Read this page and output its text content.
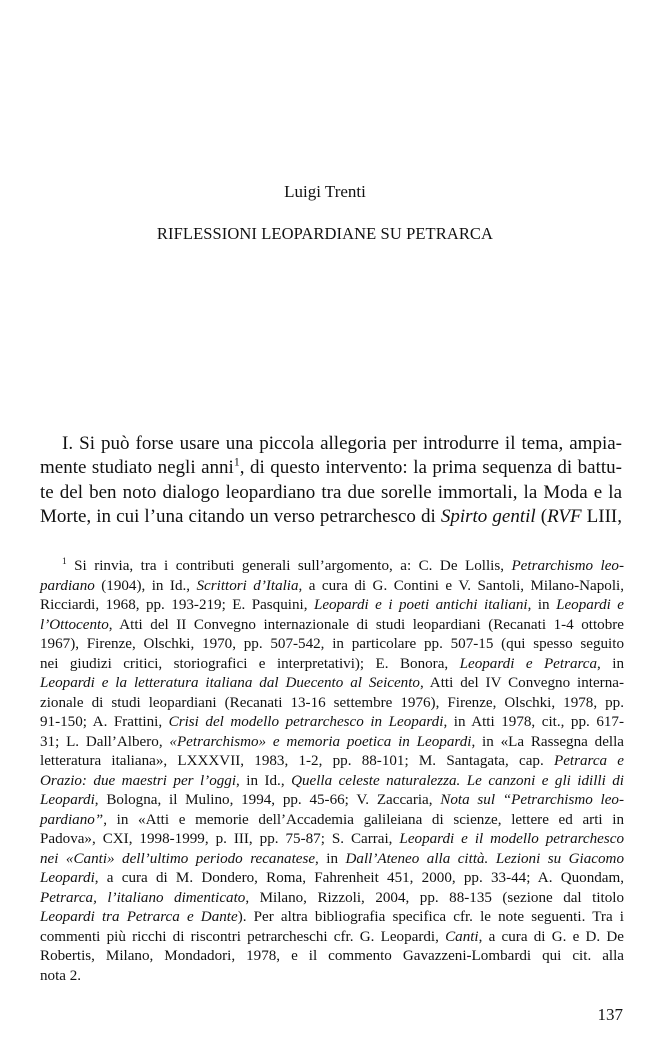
Luigi Trenti
RIFLESSIONI LEOPARDIANE SU PETRARCA
I. Si può forse usare una piccola allegoria per introdurre il tema, ampia-
mente studiato negli anni$^1$, di questo intervento: la prima sequenza di battu-
te del ben noto dialogo leopardiano tra due sorelle immortali, la Moda e la
Morte, in cui l’una citando un verso petrarchesco di Spirto gentil (RVF LIII,
$^1$ Si rinvia, tra i contributi generali sull’argomento, a: C. De Lollis, Petrarchismo leo-
pardiano (1904), in Id., Scrittori d’Italia, a cura di G. Contini e V. Santoli, Milano-Napoli,
Ricciardi, 1968, pp. 193-219; E. Pasquini, Leopardi e i poeti antichi italiani, in Leopardi e
l’Ottocento, Atti del II Convegno internazionale di studi leopardiani (Recanati 1-4 ottobre
1967), Firenze, Olschki, 1970, pp. 507-542, in particolare pp. 507-15 (qui spesso seguito
nei giudizi critici, storiografici e interpretativi); E. Bonora, Leopardi e Petrarca, in
Leopardi e la letteratura italiana dal Duecento al Seicento, Atti del IV Convegno interna-
zionale di studi leopardiani (Recanati 13-16 settembre 1976), Firenze, Olschki, 1978, pp.
91-150; A. Frattini, Crisi del modello petrarchesco in Leopardi, in Atti 1978, cit., pp. 617-
31; L. Dall’Albero, «Petrarchismo» e memoria poetica in Leopardi, in «La Rassegna della
letteratura italiana», LXXXVII, 1983, 1-2, pp. 88-101; M. Santagata, cap. Petrarca e
Orazio: due maestri per l’oggi, in Id., Quella celeste naturalezza. Le canzoni e gli idilli di
Leopardi, Bologna, il Mulino, 1994, pp. 45-66; V. Zaccaria, Nota sul “Petrarchismo leo-
pardiano”, in «Atti e memorie dell’Accademia galileiana di scienze, lettere ed arti in
Padova», CXI, 1998-1999, p. III, pp. 75-87; S. Carrai, Leopardi e il modello petrarchesco
nei «Canti» dell’ultimo periodo recanatese, in Dall’Ateneo alla città. Lezioni su Giacomo
Leopardi, a cura di M. Dondero, Roma, Fahrenheit 451, 2000, pp. 33-44; A. Quondam,
Petrarca, l’italiano dimenticato, Milano, Rizzoli, 2004, pp. 88-135 (sezione dal titolo
Leopardi tra Petrarca e Dante). Per altra bibliografia specifica cfr. le note seguenti. Tra i
commenti più ricchi di riscontri petrarcheschi cfr. G. Leopardi, Canti, a cura di G. e D. De
Robertis, Milano, Mondadori, 1978, e il commento Gavazzeni-Lombardi qui cit. alla
nota 2.
137
